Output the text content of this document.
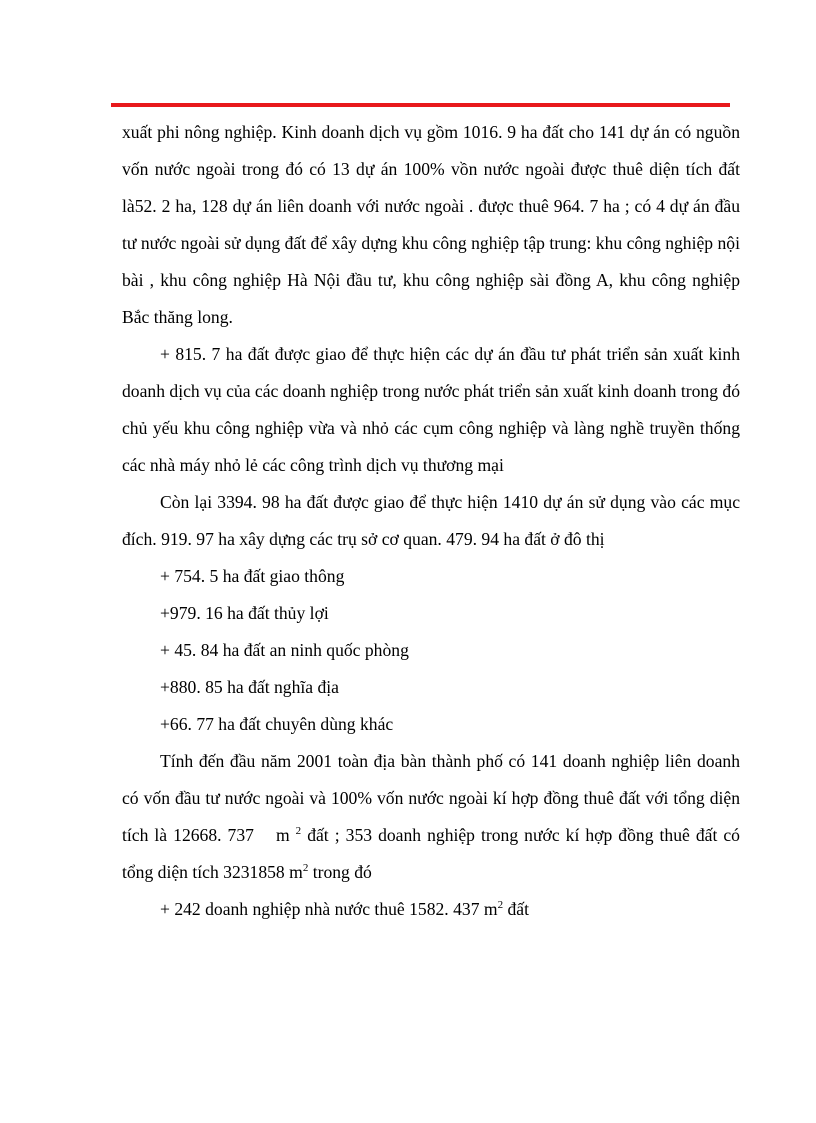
xuất phi nông nghiệp. Kinh doanh dịch vụ gồm 1016. 9 ha đất cho 141 dự án có nguồn vốn nước ngoài trong đó có 13 dự án 100% vồn nước ngoài được thuê diện tích đất là52. 2 ha, 128 dự án liên doanh với nước ngoài . được thuê 964. 7 ha ; có 4 dự án đầu tư nước ngoài sử dụng đất để xây dựng khu công nghiệp tập trung: khu công nghiệp nội bài , khu công nghiệp Hà Nội đầu tư, khu công nghiệp sài đồng A, khu công nghiệp Bắc thăng long.

+ 815. 7 ha đất được giao để thực hiện các dự án đầu tư phát triển sản xuất kinh doanh dịch vụ của các doanh nghiệp trong nước phát triển sản xuất kinh doanh trong đó chủ yếu khu công nghiệp vừa và nhỏ các cụm công nghiệp và làng nghề truyền thống các nhà máy nhỏ lẻ các công trình dịch vụ thương mại

Còn lại 3394. 98 ha đất được giao để thực hiện 1410 dự án sử dụng vào các mục đích. 919. 97 ha xây dựng các trụ sở cơ quan. 479. 94 ha đất ở đô thị

+ 754. 5 ha đất giao thông

+979. 16 ha đất thủy lợi

+ 45. 84 ha đất an ninh quốc phòng

+880. 85 ha đất nghĩa địa

+66. 77 ha đất chuyên dùng khác

Tính đến đầu năm 2001 toàn địa bàn thành phố có 141 doanh nghiệp liên doanh có vốn đầu tư nước ngoài và 100% vốn nước ngoài kí hợp đồng thuê đất với tổng diện tích là 12668. 737 m $^2$ đất ; 353 doanh nghiệp trong nước kí hợp đồng thuê đất có tổng diện tích 3231858 $m^2$ trong đó

+ 242 doanh nghiệp nhà nước thuê 1582. 437 $m^2$ đất
